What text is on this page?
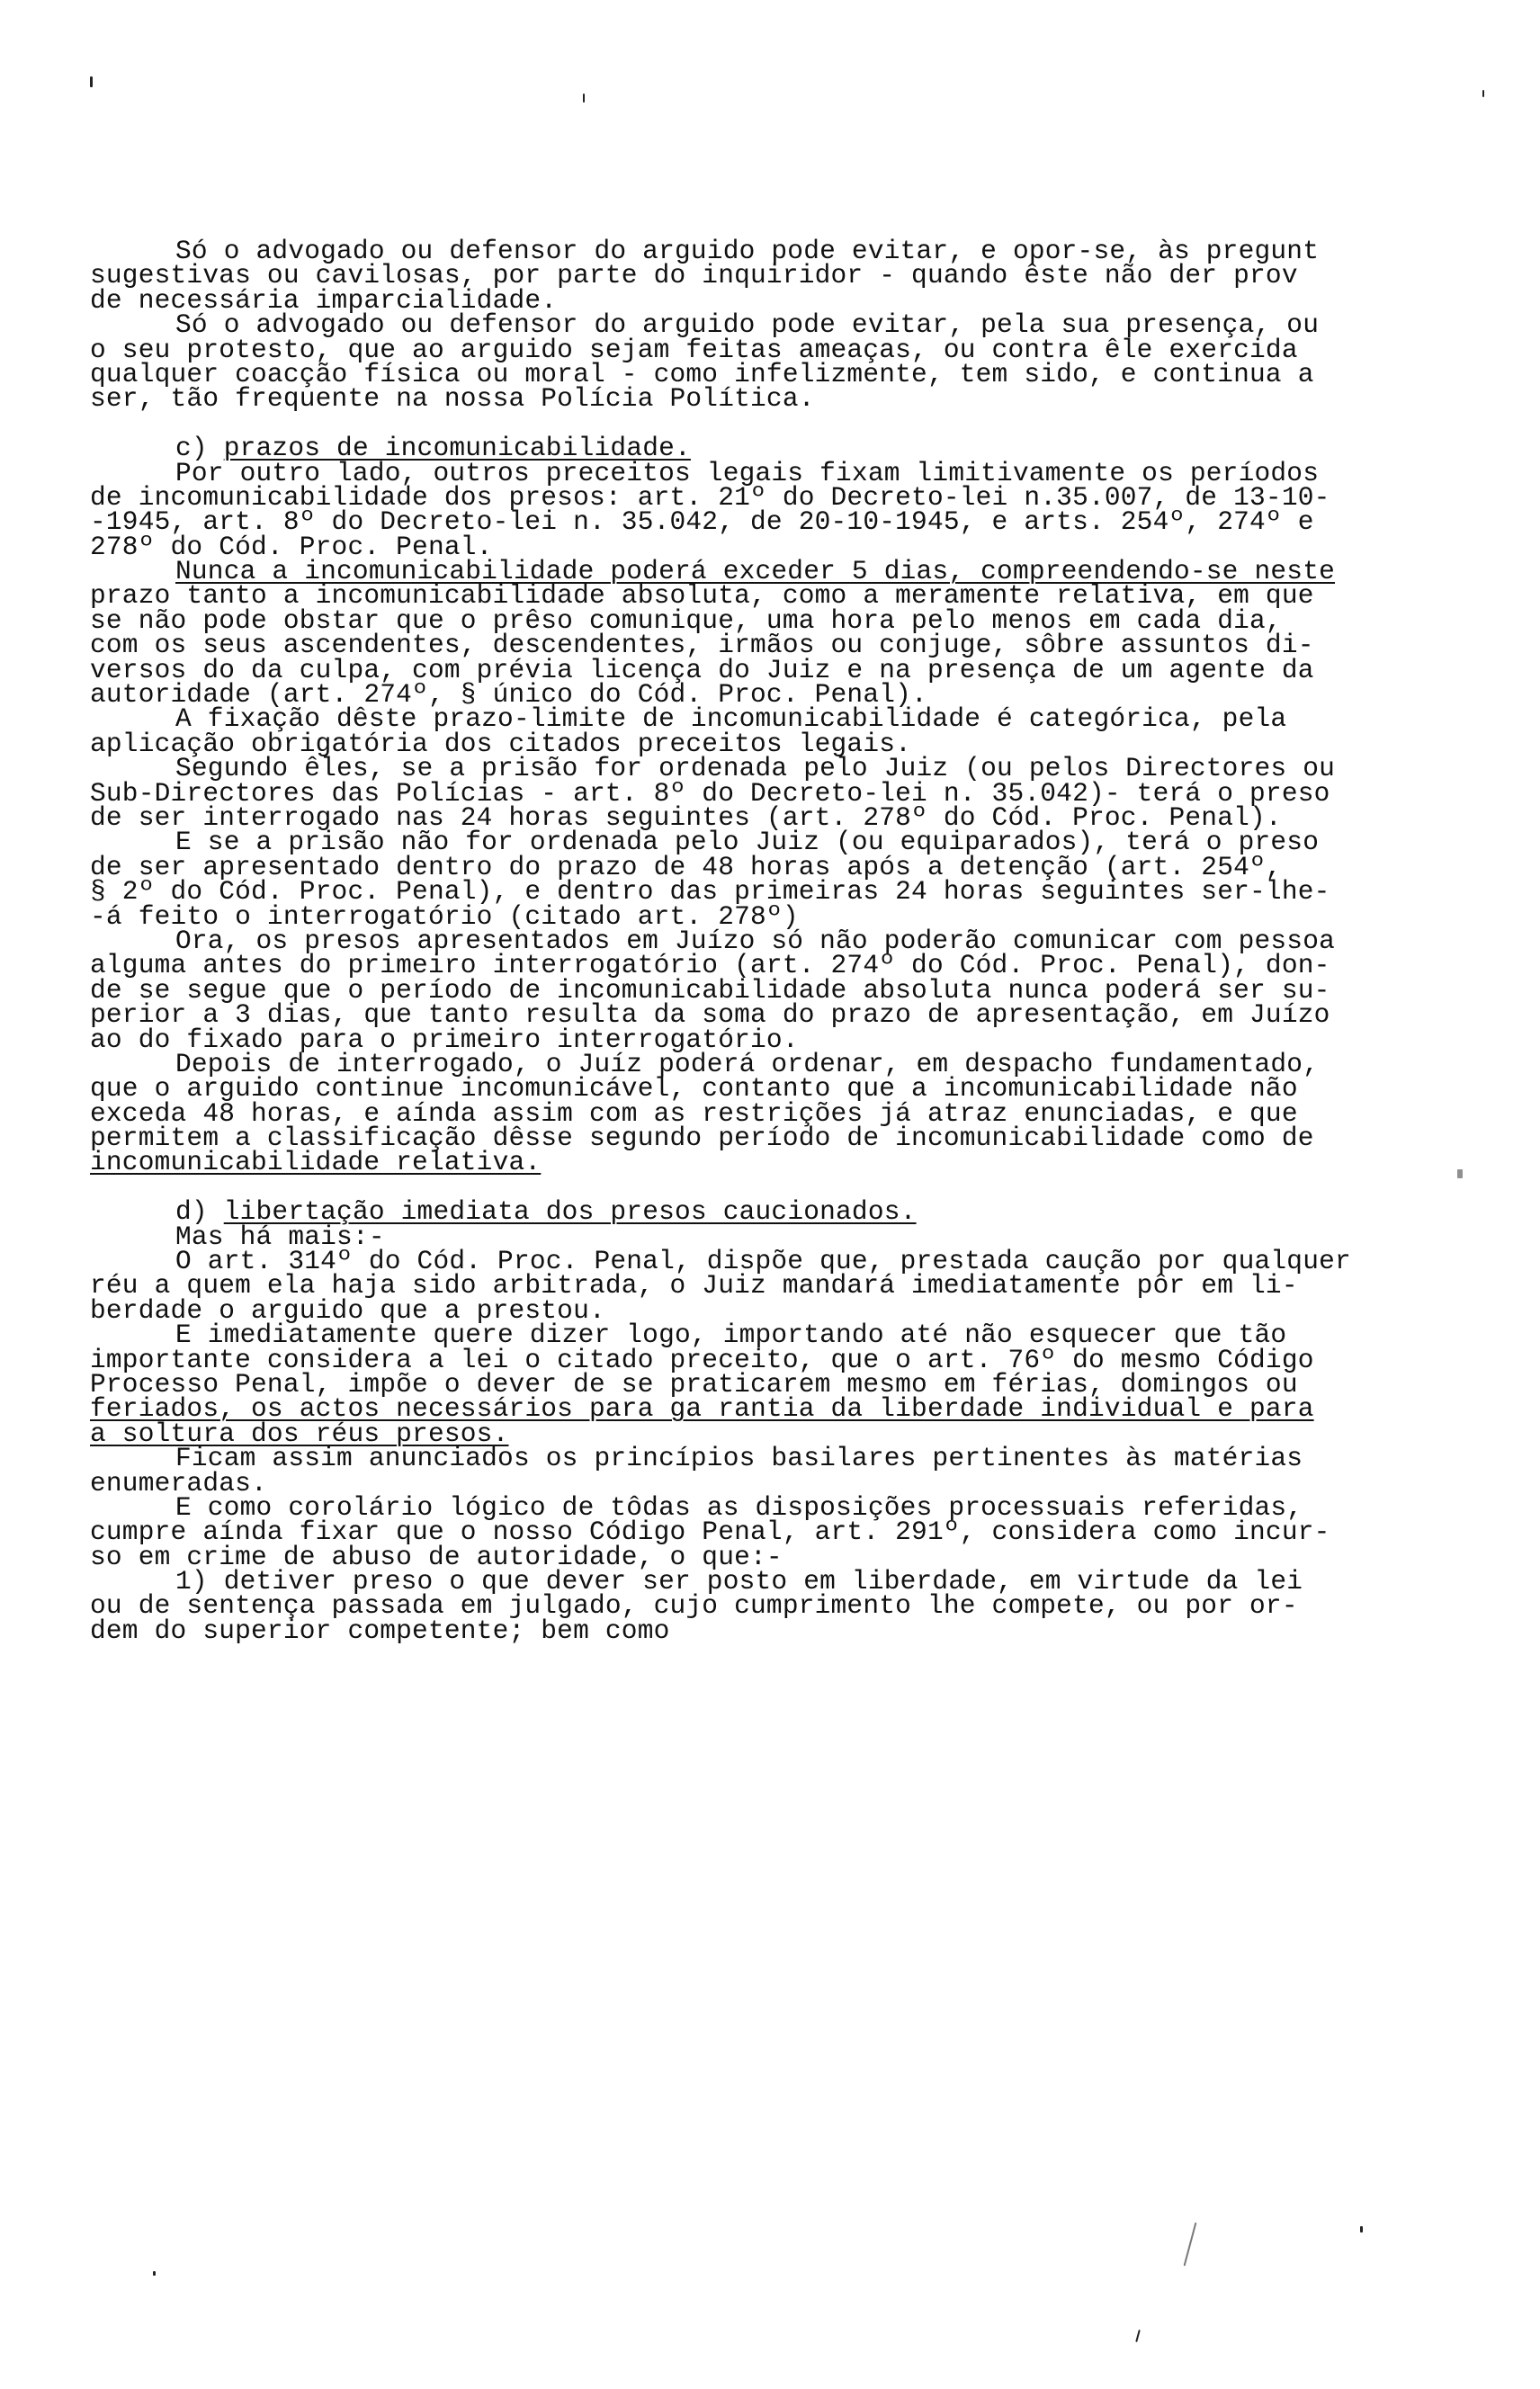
Só o advogado ou defensor do arguido pode evitar, e opor-se, às pregunt
sugestivas ou cavilosas, por parte do inquiridor - quando êste não der prov
de necessária imparcialidade.
Só o advogado ou defensor do arguido pode evitar, pela sua presença, ou
o seu protesto, que ao arguido sejam feitas ameaças, ou contra êle exercida
qualquer coacção física ou moral - como infelizmente, tem sido, e continua a
ser, tão frequente na nossa Polícia Política.
c) prazos de incomunicabilidade.
Por outro lado, outros preceitos legais fixam limitivamente os períodos
de incomunicabilidade dos presos: art. 21º do Decreto-lei n.35.007, de 13-10-
-1945, art. 8º do Decreto-lei n. 35.042, de 20-10-1945, e arts. 254º, 274º e
278º do Cód. Proc. Penal.
Nunca a incomunicabilidade poderá exceder 5 dias, compreendendo-se neste
prazo tanto a incomunicabilidade absoluta, como a meramente relativa, em que
se não pode obstar que o prêso comunique, uma hora pelo menos em cada dia,
com os seus ascendentes, descendentes, irmãos ou conjuge, sôbre assuntos di-
versos do da culpa, com prévia licença do Juiz e na presença de um agente da
autoridade (art. 274º, § único do Cód. Proc. Penal).
A fixação dêste prazo-limite de incomunicabilidade é categórica, pela
aplicação obrigatória dos citados preceitos legais.
Segundo êles, se a prisão for ordenada pelo Juiz (ou pelos Directores ou
Sub-Directores das Polícias - art. 8º do Decreto-lei n. 35.042)- terá o preso
de ser interrogado nas 24 horas seguintes (art. 278º do Cód. Proc. Penal).
E se a prisão não for ordenada pelo Juiz (ou equiparados), terá o preso
de ser apresentado dentro do prazo de 48 horas após a detenção (art. 254º,
§ 2º do Cód. Proc. Penal), e dentro das primeiras 24 horas seguintes ser-lhe-
-á feito o interrogatório (citado art. 278º)
Ora, os presos apresentados em Juízo só não poderão comunicar com pessoa
alguma antes do primeiro interrogatório (art. 274º do Cód. Proc. Penal), don-
de se segue que o período de incomunicabilidade absoluta nunca poderá ser su-
perior a 3 dias, que tanto resulta da soma do prazo de apresentação, em Juízo
ao do fixado para o primeiro interrogatório.
Depois de interrogado, o Juíz poderá ordenar, em despacho fundamentado,
que o arguido continue incomunicável, contanto que a incomunicabilidade não
exceda 48 horas, e aínda assim com as restrições já atraz enunciadas, e que
permitem a classificação dêsse segundo período de incomunicabilidade como de
incomunicabilidade relativa.
d) libertação imediata dos presos caucionados.
Mas há mais:-
O art. 314º do Cód. Proc. Penal, dispõe que, prestada caução por qualquer
réu a quem ela haja sido arbitrada, o Juiz mandará imediatamente pôr em li-
berdade o arguido que a prestou.
E imediatamente quere dizer logo, importando até não esquecer que tão
importante considera a lei o citado preceito, que o art. 76º do mesmo Código
Processo Penal, impõe o dever de se praticarem mesmo em férias, domingos ou
feriados, os actos necessários para ga rantia da liberdade individual e para
a soltura dos réus presos.
Ficam assim anunciados os princípios basilares pertinentes às matérias
enumeradas.
E como corolário lógico de tôdas as disposições processuais referidas,
cumpre aínda fixar que o nosso Código Penal, art. 291º, considera como incur-
so em crime de abuso de autoridade, o que:-
1) detiver preso o que dever ser posto em liberdade, em virtude da lei
ou de sentença passada em julgado, cujo cumprimento lhe compete, ou por or-
dem do superior competente; bem como
